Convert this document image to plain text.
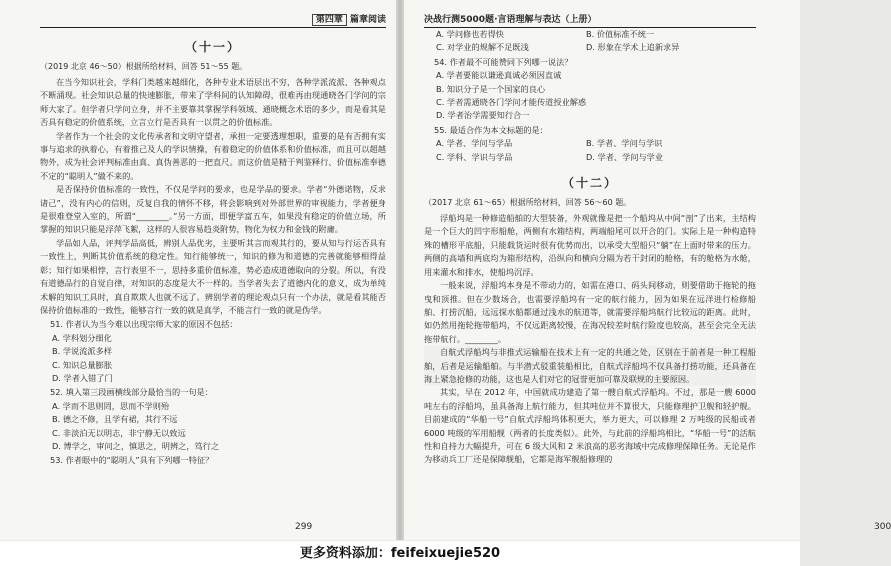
第四章 篇章阅读
（十一）
（2019 北京 46～50）根据所给材料，回答 51～55 题。

在当今知识社会，学科门类越来越细化，各种专业术语层出不穷，各种学派流派、各种观点不断涌现。社会知识总量的快速膨胀，带来了学科间的认知障碍，很难再由现通晓各门学问的宗师大家了。但学者只学问立身，并不主要靠其掌握学科领域、通晓概念术语的多少，而是看其是否具有稳定的价值系统，立言立行是否具有一以贯之的价值标准。

学者作为一个社会的文化传承者和文明守望者，承担一定要透理想职，重要的是有否拥有实事与追求的执着心，有着推己及人的学识情操，有着稳定的价值体系和价值标准，而且可以超越物外，成为社会评判标准由真、真伪善恶的一把直尺。而这价值是精于判鉴释行、价值标准奉德不定的“聪明人”做不来的。

是否保持价值标准的一致性，不仅是学问的要求，也是学品的要求。学者“外德诺物，反求诸己”，没有内心的信则，反复自我的情怀不移，将会影响到对外部世界的审视能力，学者便身是很难登堂入室的，所谓“________。”另一方面，即便学富五车，如果没有稳定的价值立场，所掌握的知识只能是浮萍飞絮，这样的人很容易趋炎附势，物化为权力和金钱的附庸。

学品如人品，评判学品高低，辨别人品优劣，主要听其言而观其行的，要从知与行运否具有一致性上，判断其价值系统的稳定性。知行能够统一，知识的修为和道德的完善就能够相得益彰；知行如果相悖，言行表里不一，思持多重价值标准，势必造成道德取向的分裂。所以，有没有道德品行的自觉自律，对知识的态度是大不一样的。当学者失去了道德内化的意义，成为单纯术解的知识工具时，真自欺欺人也就不远了。辨别学者的理论观点只有一个办法，就是看其能否保持价值标准的一致性，能够言行一致的就是真学，不能言行一致的就是伪学。

51. 作者认为当今难以出现宗师大家的原因不包括：
A. 学科划分细化
B. 学说流派多样
C. 知识总量膨胀
D. 学者入错了门
52. 填入第三段画横线部分最恰当的一句是：
A. 学而不思则罔，思而不学则殆
B. 德之不修，且学有裙，其行不远
C. 非淡泊无以明志，非宁静无以致远
D. 博学之，审问之，慎思之，明辨之，笃行之
53. 作者眼中的“聪明人”具有下列哪一特征？
299
决战行测5000题·言语理解与表达（上册）
A. 学问修也若得快	B. 价值标准不统一
C. 对学业的规解不足既浅	D. 形象在学术上追新求异
54. 作者最不可能赞同下列哪一说法？
A. 学者要能以谦逊真诚必须因直诚
B. 知识分子是一个国家的良心
C. 学者需通晓各门学问才能传道授业解惑
D. 学者治学需要知行合一
55. 最适合作为本文标题的是：
A. 学者、学问与学品	B. 学者、学问与学识
C. 学科、学识与学品	D. 学者、学问与学业
（十二）
（2017 北京 61～65）根据所给材料，回答 56～60 题。

浮船坞是一种修造船舶的大型装备，外观就像是把一个船坞从中间“剖”了出来，主结构是一个巨大的凹字形船舱，两侧有水箱结构，两端船尾可以开合的门。实际上是一种构造特殊的槽形平底船，只能载货运时很有优势而出，以承受大型船只“躺”在上面时带来的压力。两侧的高墙和两底均为箱形结构，沿纵向和横向分隔为若干封闭的舱格，有的舱格为水舱，用来灌水和排水，使船坞沉浮。

一般来说，浮船坞本身是不带动力的，如需在港口、码头间移动，则要借助于拖轮的拖曳和顶推。但在少数场合，也需要浮船坞有一定的航行能力，因为如果在远洋进行检修船舶、打捞沉船，远远探水船都通过浅水的航道等，就需要浮船坞航行比较远的距离。此时，如仍然用拖轮拖带船坞，不仅远距离较慢，在海况较差时航行险度也较高，甚至会完全无法拖带航行。________。

自航式浮船坞与非推式运输船在技术上有一定的共通之处，区别在于前者是一种工程船舶，后者是运输船舶。与半潜式驳重装船相比，自航式浮船坞不仅具备打捞功能，还具备在海上紧急抢修的功能，这也是人们对它的冠誉更加可靠及联规的主要原因。

其实，早在 2012 年，中国就成功建造了第一艘自航式浮船坞。不过，那是一艘 6000 吨左右的浮船坞，虽具备海上航行能力，但其吨位并不算很大，只能修理护卫舰和轻护舰。目前建成的“华船一号”自航式浮船坞体积更大，举力更大，可以修理 2 万吨级的民船或者 6000 吨级的军用船舰（两者的长度类似）。此外，与此前的浮船坞相比，“华船一号”的活航性和自持力大幅提升，可在 6 级大风和 2 米浪高的恶劣海域中完成修理保障任务。无论是作为移动兵工厂还是保障舰船，它都是海军舰船修理的

300
更多资料添加：feifeixuejie520
